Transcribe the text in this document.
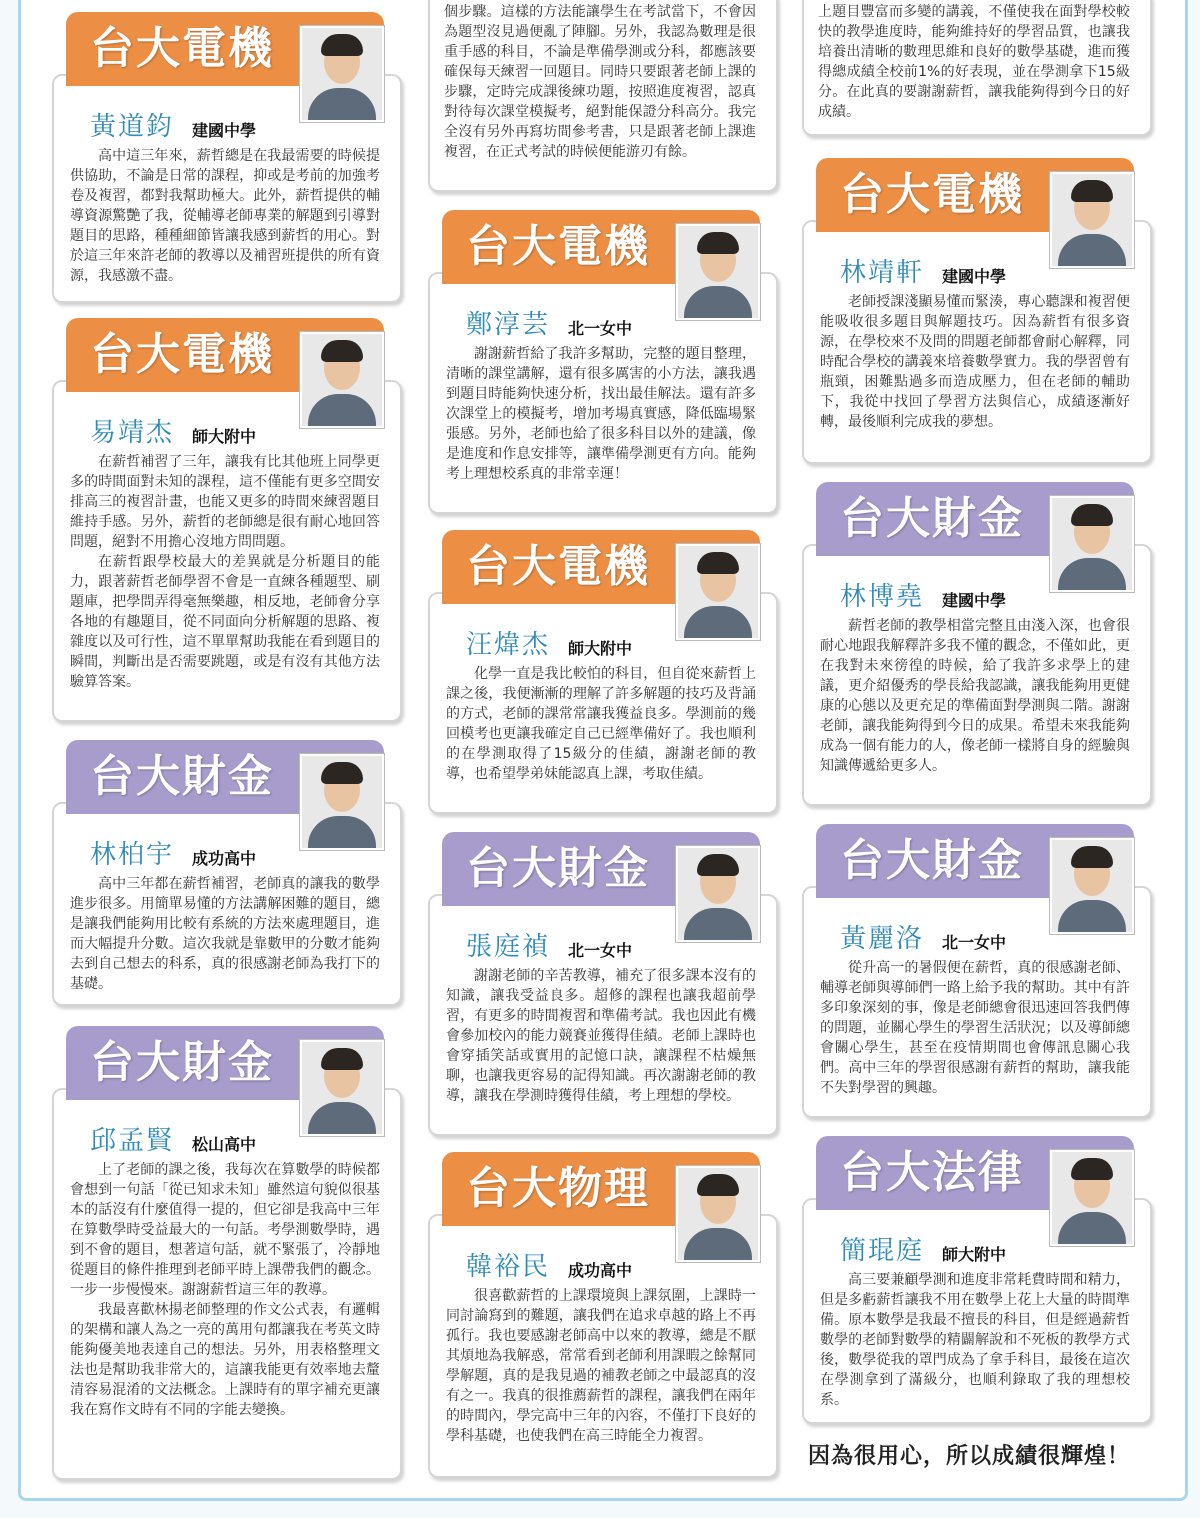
個步驟。這樣的方法能讓學生在考試當下，不會因為題型沒見過便亂了陣腳。另外，我認為數理是很重手感的科目，不論是準備學測或分科，都應該要確保每天練習一回題目。同時只要跟著老師上課的步驟，定時完成課後練功題，按照進度複習，認真對待每次課堂模擬考，絕對能保證分科高分。我完全沒有另外再寫坊間參考書，只是跟著老師上課進複習，在正式考試的時候便能游刃有餘。

上題目豐富而多變的講義，不僅使我在面對學校較快的教學進度時，能夠維持好的學習品質，也讓我培養出清晰的數理思維和良好的數學基礎，進而獲得總成績全校前1%的好表現，並在學測拿下15級分。在此真的要謝謝薪哲，讓我能夠得到今日的好成績。

台大電機
黃道鈞 建國中學

高中這三年來，薪哲總是在我最需要的時候提供協助，不論是日常的課程，抑或是考前的加強考卷及複習，都對我幫助極大。此外，薪哲提供的輔導資源驚艷了我，從輔導老師專業的解題到引導對題目的思路，種種細節皆讓我感到薪哲的用心。對於這三年來許老師的教導以及補習班提供的所有資源，我感激不盡。

台大電機
易靖杰 師大附中

在薪哲補習了三年，讓我有比其他班上同學更多的時間面對未知的課程，這不僅能有更多空間安排高三的複習計畫，也能又更多的時間來練習題目維持手感。另外，薪哲的老師總是很有耐心地回答問題，絕對不用擔心沒地方問問題。

在薪哲跟學校最大的差異就是分析題目的能力，跟著薪哲老師學習不會是一直練各種題型、刷題庫，把學問弄得毫無樂趣，相反地，老師會分享各地的有趣題目，從不同面向分析解題的思路、複雜度以及可行性，這不單單幫助我能在看到題目的瞬間，判斷出是否需要跳題，或是有沒有其他方法驗算答案。

台大財金
林柏宇 成功高中

高中三年都在薪哲補習，老師真的讓我的數學進步很多。用簡單易懂的方法講解困難的題目，總是讓我們能夠用比較有系統的方法來處理題目，進而大幅提升分數。這次我就是靠數甲的分數才能夠去到自己想去的科系，真的很感謝老師為我打下的基礎。

台大財金
邱孟賢 松山高中

上了老師的課之後，我每次在算數學的時候都會想到一句話「從已知求未知」雖然這句貌似很基本的話沒有什麼值得一提的，但它卻是我高中三年在算數學時受益最大的一句話。考學測數學時，遇到不會的題目，想著這句話，就不緊張了，冷靜地從題目的條件推理到老師平時上課帶我們的觀念。一步一步慢慢來。謝謝薪哲這三年的教導。

我最喜歡林揚老師整理的作文公式表，有邏輯的架構和讓人為之一亮的萬用句都讓我在考英文時能夠優美地表達自己的想法。另外，用表格整理文法也是幫助我非常大的，這讓我能更有效率地去釐清容易混淆的文法概念。上課時有的單字補充更讓我在寫作文時有不同的字能去變換。

台大電機
鄭淳芸 北一女中

謝謝薪哲給了我許多幫助，完整的題目整理，清晰的課堂講解，還有很多厲害的小方法，讓我遇到題目時能夠快速分析，找出最佳解法。還有許多次課堂上的模擬考，增加考場真實感，降低臨場緊張感。另外，老師也給了很多科目以外的建議，像是進度和作息安排等，讓準備學測更有方向。能夠考上理想校系真的非常幸運！

台大電機
汪煒杰 師大附中

化學一直是我比較怕的科目，但自從來薪哲上課之後，我便漸漸的理解了許多解題的技巧及背誦的方式，老師的課常常讓我獲益良多。學測前的幾回模考也更讓我確定自己已經準備好了。我也順利的在學測取得了15級分的佳績，謝謝老師的教導，也希望學弟妹能認真上課，考取佳績。

台大財金
張庭禎 北一女中

謝謝老師的辛苦教導，補充了很多課本沒有的知識，讓我受益良多。超修的課程也讓我超前學習，有更多的時間複習和準備考試。我也因此有機會參加校內的能力競賽並獲得佳績。老師上課時也會穿插笑話或實用的記憶口訣，讓課程不枯燥無聊，也讓我更容易的記得知識。再次謝謝老師的教導，讓我在學測時獲得佳績，考上理想的學校。

台大物理
韓裕民 成功高中

很喜歡薪哲的上課環境與上課氛圍，上課時一同討論寫到的難題，讓我們在追求卓越的路上不再孤行。我也要感謝老師高中以來的教導，總是不厭其煩地為我解惑，常常看到老師利用課暇之餘幫同學解題，真的是我見過的補教老師之中最認真的沒有之一。我真的很推薦薪哲的課程，讓我們在兩年的時間內，學完高中三年的內容，不僅打下良好的學科基礎，也使我們在高三時能全力複習。

台大電機
林靖軒 建國中學

老師授課淺顯易懂而緊湊，專心聽課和複習便能吸收很多題目與解題技巧。因為薪哲有很多資源，在學校來不及問的問題老師都會耐心解釋，同時配合學校的講義來培養數學實力。我的學習曾有瓶頸，困難點過多而造成壓力，但在老師的輔助下，我從中找回了學習方法與信心，成績逐漸好轉，最後順利完成我的夢想。

台大財金
林博堯 建國中學

薪哲老師的教學相當完整且由淺入深，也會很耐心地跟我解釋許多我不懂的觀念，不僅如此，更在我對未來徬徨的時候，給了我許多求學上的建議，更介紹優秀的學長給我認識，讓我能夠用更健康的心態以及更充足的準備面對學測與二階。謝謝老師，讓我能夠得到今日的成果。希望未來我能夠成為一個有能力的人，像老師一樣將自身的經驗與知識傳遞給更多人。

台大財金
黃麗洛 北一女中

從升高一的暑假便在薪哲，真的很感謝老師、輔導老師與導師們一路上給予我的幫助。其中有許多印象深刻的事，像是老師總會很迅速回答我們傳的問題，並關心學生的學習生活狀況；以及導師總會關心學生，甚至在疫情期間也會傳訊息關心我們。高中三年的學習很感謝有薪哲的幫助，讓我能不失對學習的興趣。

台大法律
簡琨庭 師大附中

高三要兼顧學測和進度非常耗費時間和精力，但是多虧薪哲讓我不用在數學上花上大量的時間準備。原本數學是我最不擅長的科目，但是經過薪哲數學的老師對數學的精闢解說和不死板的教學方式後，數學從我的罩門成為了拿手科目，最後在這次在學測拿到了滿級分，也順利錄取了我的理想校系。

因為很用心，所以成績很輝煌！
